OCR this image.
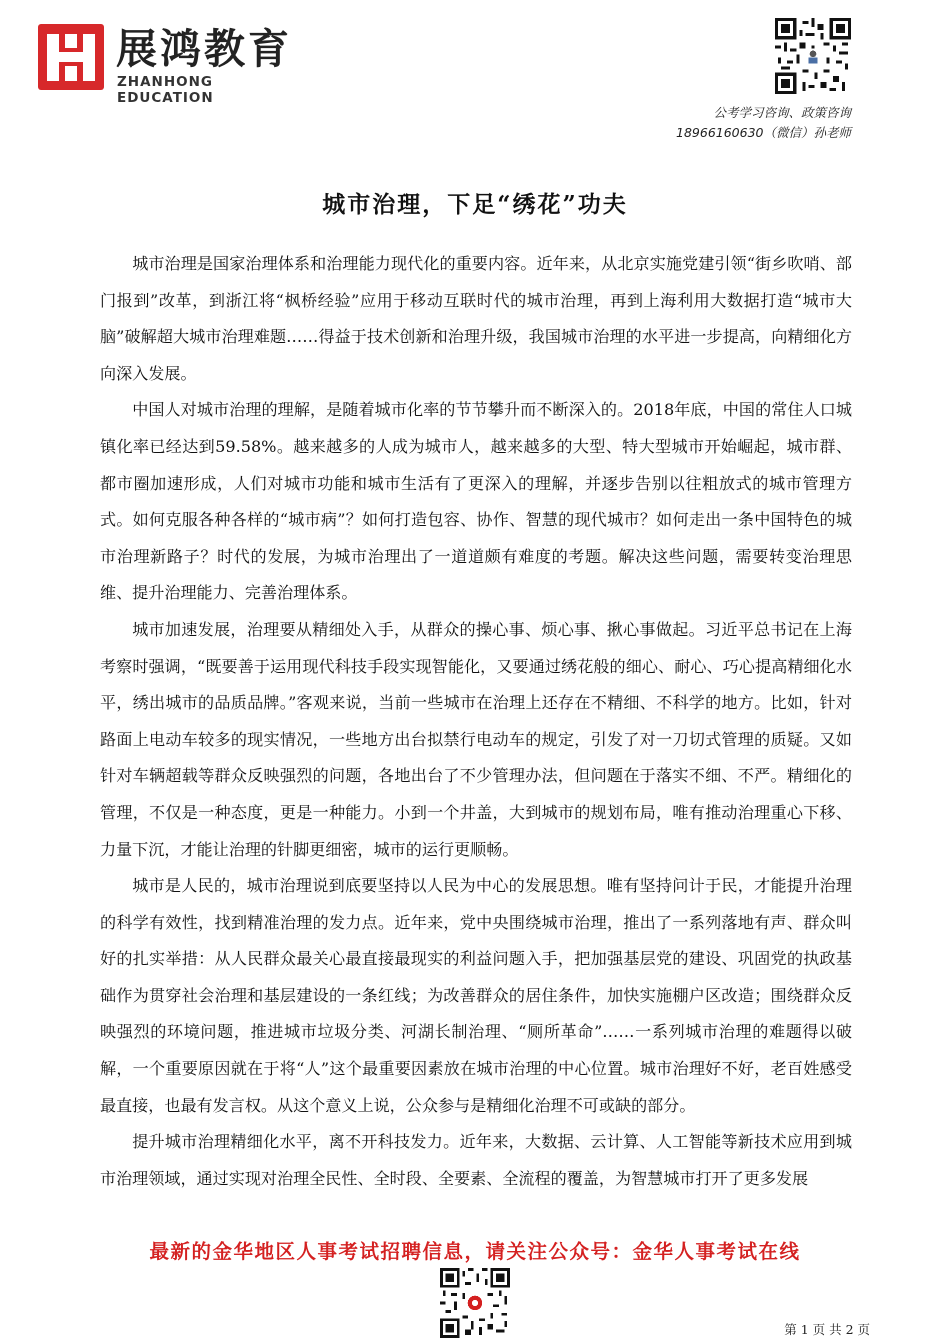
展鸿教育
ZHANHONG EDUCATION
公考学习咨询、政策咨询
18966160630（微信）孙老师
城市治理，下足“绣花”功夫

城市治理是国家治理体系和治理能力现代化的重要内容。近年来，从北京实施党建引领“街乡吹哨、部门报到”改革，到浙江将“枫桥经验”应用于移动互联时代的城市治理，再到上海利用大数据打造“城市大脑”破解超大城市治理难题……得益于技术创新和治理升级，我国城市治理的水平进一步提高，向精细化方向深入发展。

中国人对城市治理的理解，是随着城市化率的节节攀升而不断深入的。2018年底，中国的常住人口城镇化率已经达到59.58%。越来越多的人成为城市人，越来越多的大型、特大型城市开始崛起，城市群、都市圈加速形成，人们对城市功能和城市生活有了更深入的理解，并逐步告别以往粗放式的城市管理方式。如何克服各种各样的“城市病”？如何打造包容、协作、智慧的现代城市？如何走出一条中国特色的城市治理新路子？时代的发展，为城市治理出了一道道颇有难度的考题。解决这些问题，需要转变治理思维、提升治理能力、完善治理体系。

城市加速发展，治理要从精细处入手，从群众的操心事、烦心事、揪心事做起。习近平总书记在上海考察时强调，“既要善于运用现代科技手段实现智能化，又要通过绣花般的细心、耐心、巧心提高精细化水平，绣出城市的品质品牌。”客观来说，当前一些城市在治理上还存在不精细、不科学的地方。比如，针对路面上电动车较多的现实情况，一些地方出台拟禁行电动车的规定，引发了对一刀切式管理的质疑。又如针对车辆超载等群众反映强烈的问题，各地出台了不少管理办法，但问题在于落实不细、不严。精细化的管理，不仅是一种态度，更是一种能力。小到一个井盖，大到城市的规划布局，唯有推动治理重心下移、力量下沉，才能让治理的针脚更细密，城市的运行更顺畅。

城市是人民的，城市治理说到底要坚持以人民为中心的发展思想。唯有坚持问计于民，才能提升治理的科学有效性，找到精准治理的发力点。近年来，党中央围绕城市治理，推出了一系列落地有声、群众叫好的扎实举措：从人民群众最关心最直接最现实的利益问题入手，把加强基层党的建设、巩固党的执政基础作为贯穿社会治理和基层建设的一条红线；为改善群众的居住条件，加快实施棚户区改造；围绕群众反映强烈的环境问题，推进城市垃圾分类、河湖长制治理、“厕所革命”……一系列城市治理的难题得以破解，一个重要原因就在于将“人”这个最重要因素放在城市治理的中心位置。城市治理好不好，老百姓感受最直接，也最有发言权。从这个意义上说，公众参与是精细化治理不可或缺的部分。

提升城市治理精细化水平，离不开科技发力。近年来，大数据、云计算、人工智能等新技术应用到城市治理领域，通过实现对治理全民性、全时段、全要素、全流程的覆盖，为智慧城市打开了更多发展

最新的金华地区人事考试招聘信息，请关注公众号：金华人事考试在线
第 1 页 共 2 页
